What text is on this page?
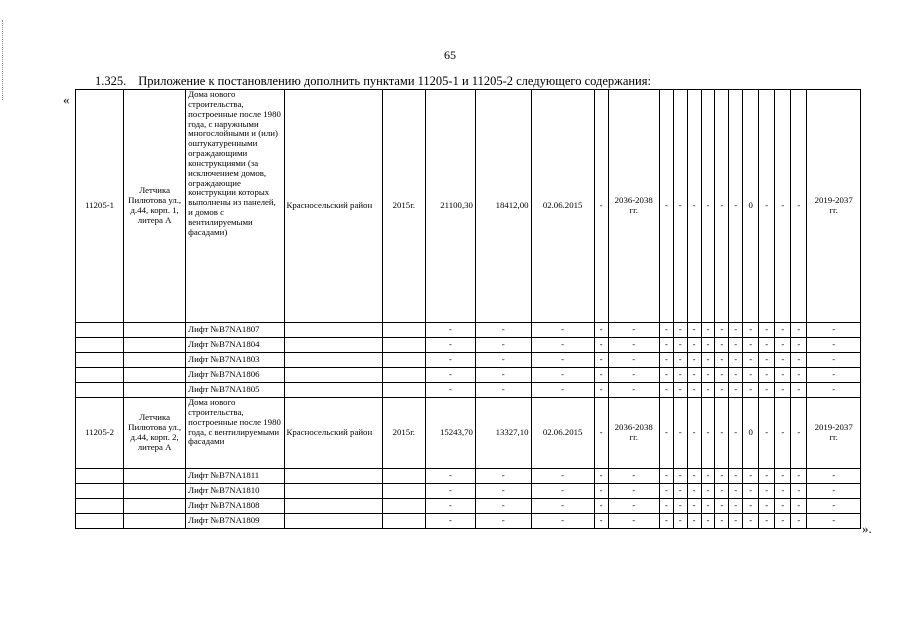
65
1.325. Приложение к постановлению дополнить пунктами 11205-1 и 11205-2 следующего содержания:
«
».
11205-1	Летчика Пилютова ул., д.44, корп. 1, литера А	Дома нового строительства, построенные после 1980 года, с наружными многослойными и (или) оштукатуренными ограждающими конструкциями (за исключением домов, ограждающие конструкции которых выполнены из панелей, и домов с вентилируемыми фасадами)	Красносельский район	2015г.	21100,30	18412,00	02.06.2015	-	2036-2038 гг.	-	-	-	-	-	-	0	-	-	-	2019-2037 гг.
		Лифт №B7NA1807			-	-	-	-	-	-	-	-	-	-	-	-	-	-	-	-
		Лифт №B7NA1804			-	-	-	-	-	-	-	-	-	-	-	-	-	-	-	-
		Лифт №B7NA1803			-	-	-	-	-	-	-	-	-	-	-	-	-	-	-	-
		Лифт №B7NA1806			-	-	-	-	-	-	-	-	-	-	-	-	-	-	-	-
		Лифт №B7NA1805			-	-	-	-	-	-	-	-	-	-	-	-	-	-	-	-
11205-2	Летчика Пилютова ул., д.44, корп. 2, литера А	Дома нового строительства, построенные после 1980 года, с вентилируемыми фасадами	Красносельский район	2015г.	15243,70	13327,10	02.06.2015	-	2036-2038 гг.	-	-	-	-	-	-	0	-	-	-	2019-2037 гг.
		Лифт №B7NA1811			-	-	-	-	-	-	-	-	-	-	-	-	-	-	-	-
		Лифт №B7NA1810			-	-	-	-	-	-	-	-	-	-	-	-	-	-	-	-
		Лифт №B7NA1808			-	-	-	-	-	-	-	-	-	-	-	-	-	-	-	-
		Лифт №B7NA1809			-	-	-	-	-	-	-	-	-	-	-	-	-	-	-	-
